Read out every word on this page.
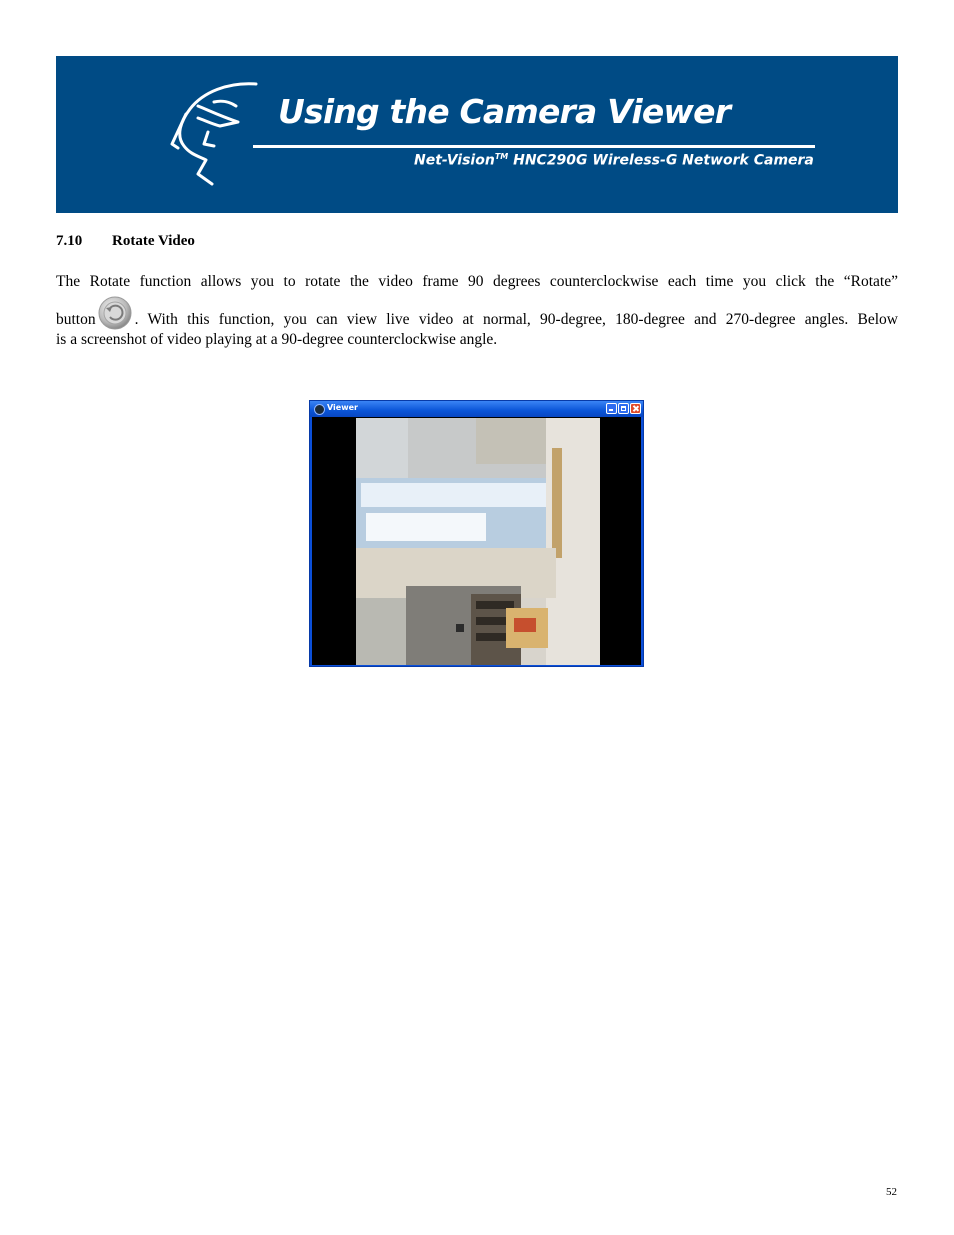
Using the Camera Viewer
Net-Vision™ HNC290G Wireless-G Network Camera
7.10 Rotate Video

The Rotate function allows you to rotate the video frame 90 degrees counterclockwise each time you click the “Rotate”

button	. With this function, you can view live video at normal, 90-degree, 180-degree and 270-degree angles. Below

is a screenshot of video playing at a 90-degree counterclockwise angle.

Viewer
52
